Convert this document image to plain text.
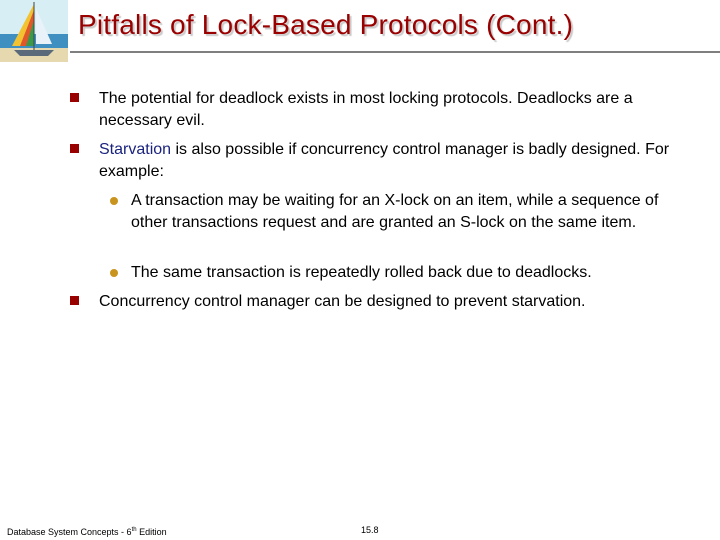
Pitfalls of Lock-Based Protocols (Cont.)
The potential for deadlock exists in most locking protocols. Deadlocks are a necessary evil.
Starvation is also possible if concurrency control manager is badly designed. For example:
A transaction may be waiting for an X-lock on an item, while a sequence of other transactions request and are granted an S-lock on the same item.
The same transaction is repeatedly rolled back due to deadlocks.
Concurrency control manager can be designed to prevent starvation.
Database System Concepts - 6th Edition	15.8
